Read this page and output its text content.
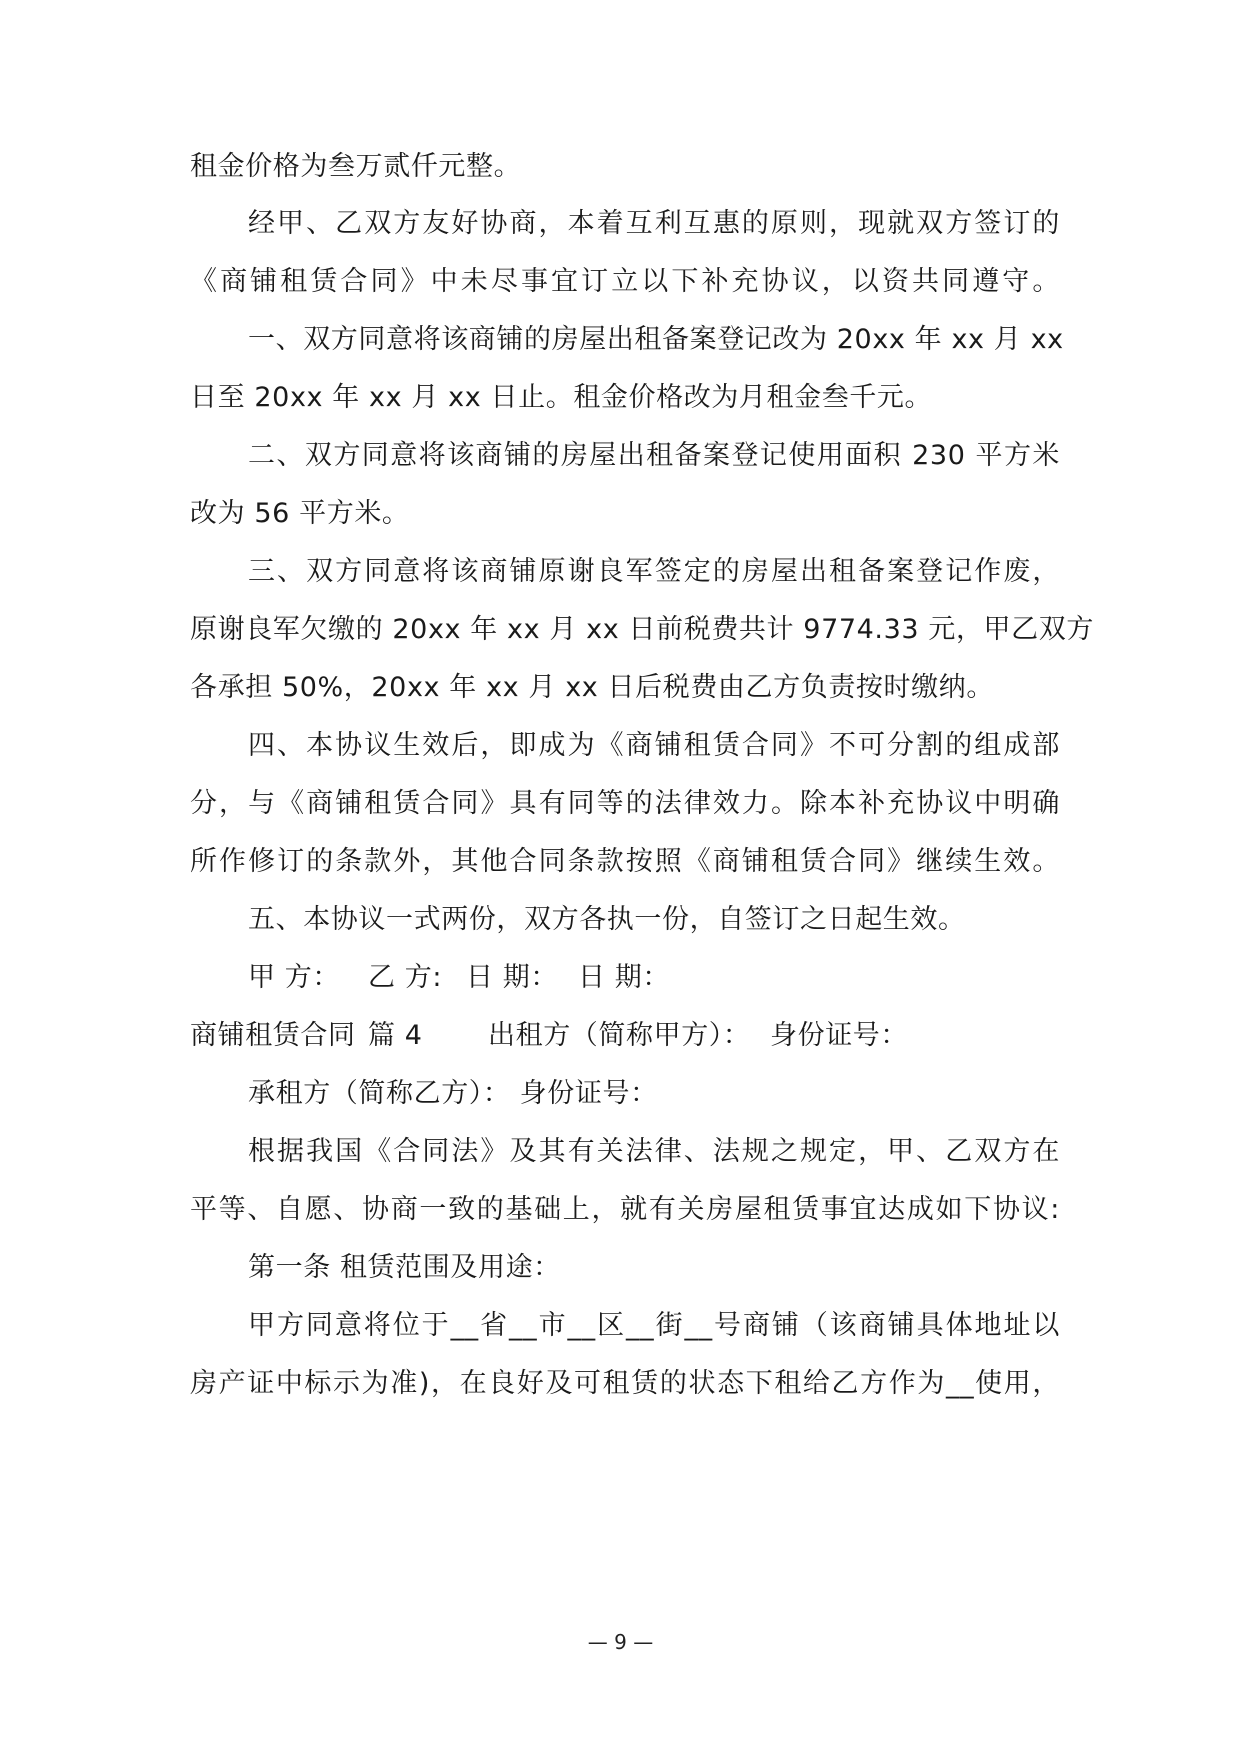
租金价格为叁万贰仟元整。
经甲、乙双方友好协商，本着互利互惠的原则，现就双方签订的
《商铺租赁合同》中未尽事宜订立以下补充协议，以资共同遵守。
一、双方同意将该商铺的房屋出租备案登记改为 20xx 年 xx 月 xx
日至 20xx 年 xx 月 xx 日止。租金价格改为月租金叁千元。
二、双方同意将该商铺的房屋出租备案登记使用面积 230 平方米
改为 56 平方米。
三、双方同意将该商铺原谢良军签定的房屋出租备案登记作废，
原谢良军欠缴的 20xx 年 xx 月 xx 日前税费共计 9774.33 元，甲乙双方
各承担 50%，20xx 年 xx 月 xx 日后税费由乙方负责按时缴纳。
四、本协议生效后，即成为《商铺租赁合同》不可分割的组成部
分，与《商铺租赁合同》具有同等的法律效力。除本补充协议中明确
所作修订的条款外，其他合同条款按照《商铺租赁合同》继续生效。
五、本协议一式两份，双方各执一份，自签订之日起生效。
甲 方： 乙 方: 日 期： 日 期：
商铺租赁合同 篇 4 出租方（简称甲方）： 身份证号：
承租方（简称乙方）： 身份证号：
根据我国《合同法》及其有关法律、法规之规定，甲、乙双方在
平等、自愿、协商一致的基础上，就有关房屋租赁事宜达成如下协议:
第一条 租赁范围及用途：
甲方同意将位于__省__市__区__街__号商铺（该商铺具体地址以
房产证中标示为准)，在良好及可租赁的状态下租给乙方作为__使用，
— 9 —
